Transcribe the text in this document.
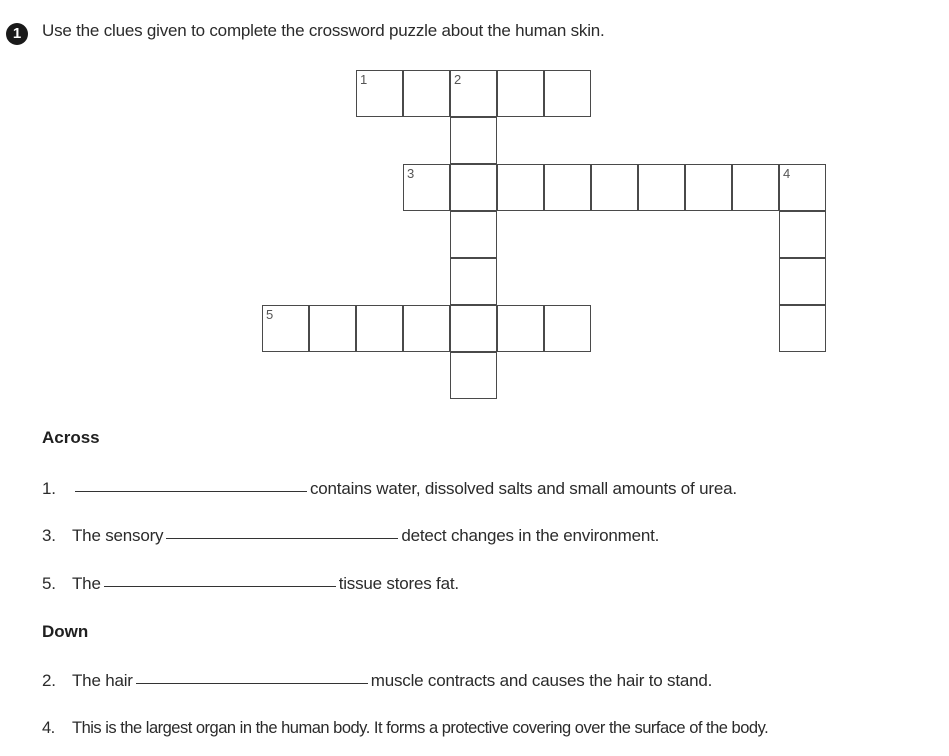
1	Use the clues given to complete the crossword puzzle about the human skin.
1	2
3	4
5
Across
1.	contains water, dissolved salts and small amounts of urea.
3. The sensory	detect changes in the environment.
5. The	tissue stores fat.
Down
2. The hair	muscle contracts and causes the hair to stand.
4.	This is the largest organ in the human body. It forms a protective covering over the surface of the body.
